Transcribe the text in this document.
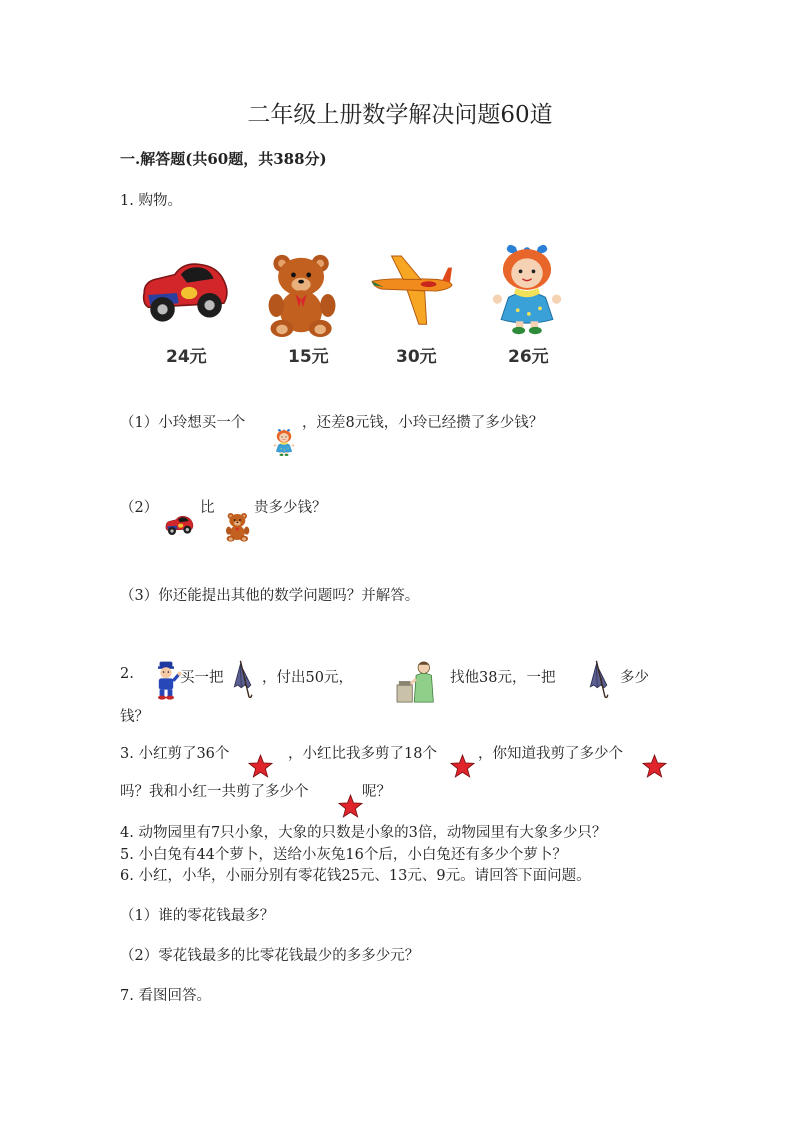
二年级上册数学解决问题60道
一.解答题(共60题，共388分)
1. 购物。
24元	15元	30元	26元
（1）小玲想买一个	，还差8元钱，小玲已经攒了多少钱？
（2）	比	贵多少钱？
（3）你还能提出其他的数学问题吗？并解答。
2.	买一把	，付出50元，	找他38元，一把	多少
钱？
3. 小红剪了36个	，小红比我多剪了18个	，你知道我剪了多少个
吗？我和小红一共剪了多少个	呢？
4. 动物园里有7只小象，大象的只数是小象的3倍，动物园里有大象多少只？
5. 小白兔有44个萝卜，送给小灰兔16个后，小白兔还有多少个萝卜？
6. 小红，小华，小丽分别有零花钱25元、13元、9元。请回答下面问题。
（1）谁的零花钱最多？
（2）零花钱最多的比零花钱最少的多多少元？
7. 看图回答。
